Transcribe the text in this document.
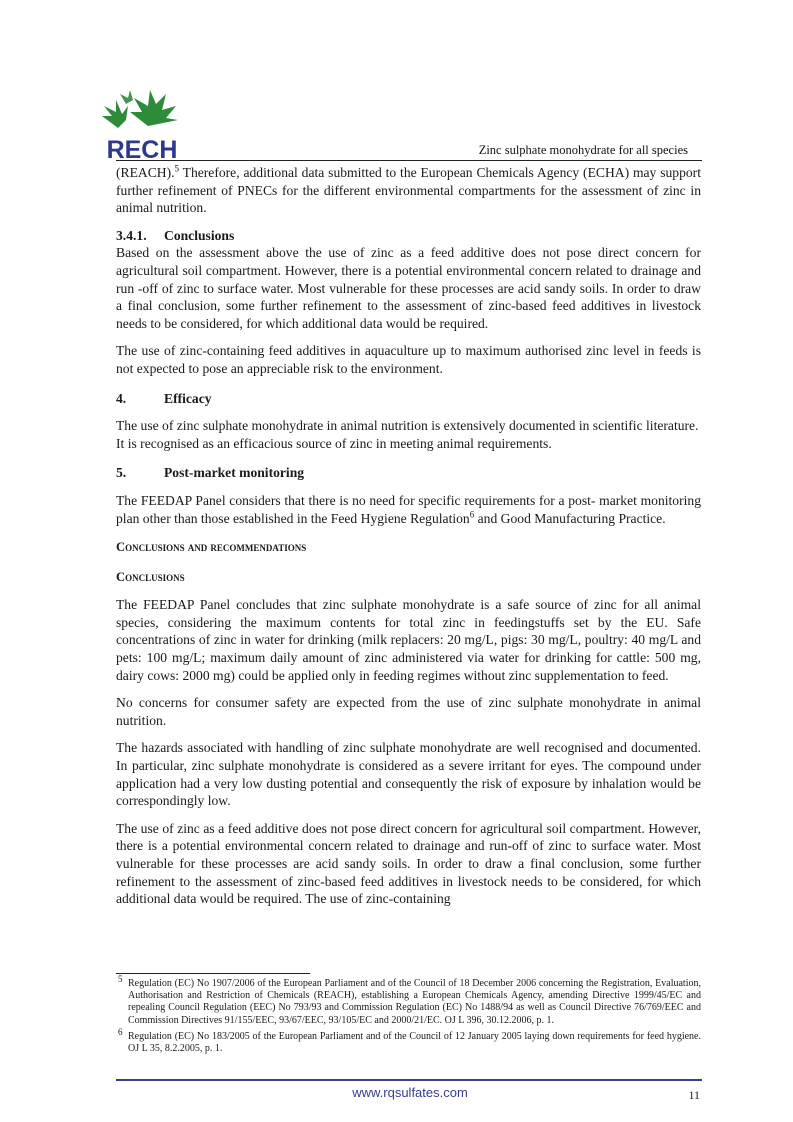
RECH	Zinc sulphate monohydrate for all species

(REACH).$^5$ Therefore, additional data submitted to the European Chemicals Agency (ECHA) may support further refinement of PNECs for the different environmental compartments for the assessment of zinc in animal nutrition.

3.4.1. Conclusions

Based on the assessment above the use of zinc as a feed additive does not pose direct concern for agricultural soil compartment. However, there is a potential environmental concern related to drainage and run -off of zinc to surface water. Most vulnerable for these processes are acid sandy soils. In order to draw a final conclusion, some further refinement to the assessment of zinc-based feed additives in livestock needs to be considered, for which additional data would be required.

The use of zinc-containing feed additives in aquaculture up to maximum authorised zinc level in feeds is not expected to pose an appreciable risk to the environment.

4.	Efficacy

The use of zinc sulphate monohydrate in animal nutrition is extensively documented in scientific literature. It is recognised as an efficacious source of zinc in meeting animal requirements.

5.	Post-market monitoring

The FEEDAP Panel considers that there is no need for specific requirements for a post- market monitoring plan other than those established in the Feed Hygiene Regulation$^6$ and Good Manufacturing Practice.

Conclusions and recommendations
Conclusions

The FEEDAP Panel concludes that zinc sulphate monohydrate is a safe source of zinc for all animal species, considering the maximum contents for total zinc in feedingstuffs set by the EU. Safe concentrations of zinc in water for drinking (milk replacers: 20 mg/L, pigs: 30 mg/L, poultry: 40 mg/L and pets: 100 mg/L; maximum daily amount of zinc administered via water for drinking for cattle: 500 mg, dairy cows: 2000 mg) could be applied only in feeding regimes without zinc supplementation to feed.

No concerns for consumer safety are expected from the use of zinc sulphate monohydrate in animal nutrition.

The hazards associated with handling of zinc sulphate monohydrate are well recognised and documented. In particular, zinc sulphate monohydrate is considered as a severe irritant for eyes. The compound under application had a very low dusting potential and consequently the risk of exposure by inhalation would be correspondingly low.

The use of zinc as a feed additive does not pose direct concern for agricultural soil compartment. However, there is a potential environmental concern related to drainage and run-off of zinc to surface water. Most vulnerable for these processes are acid sandy soils. In order to draw a final conclusion, some further refinement to the assessment of zinc-based feed additives in livestock needs to be considered, for which additional data would be required. The use of zinc-containing

5 Regulation (EC) No 1907/2006 of the European Parliament and of the Council of 18 December 2006 concerning the Registration, Evaluation, Authorisation and Restriction of Chemicals (REACH), establishing a European Chemicals Agency, amending Directive 1999/45/EC and repealing Council Regulation (EEC) No 793/93 and Commission Regulation (EC) No 1488/94 as well as Council Directive 76/769/EEC and Commission Directives 91/155/EEC, 93/67/EEC, 93/105/EC and 2000/21/EC. OJ L 396, 30.12.2006, p. 1.

6 Regulation (EC) No 183/2005 of the European Parliament and of the Council of 12 January 2005 laying down requirements for feed hygiene. OJ L 35, 8.2.2005, p. 1.

www.rqsulfates.com	11
